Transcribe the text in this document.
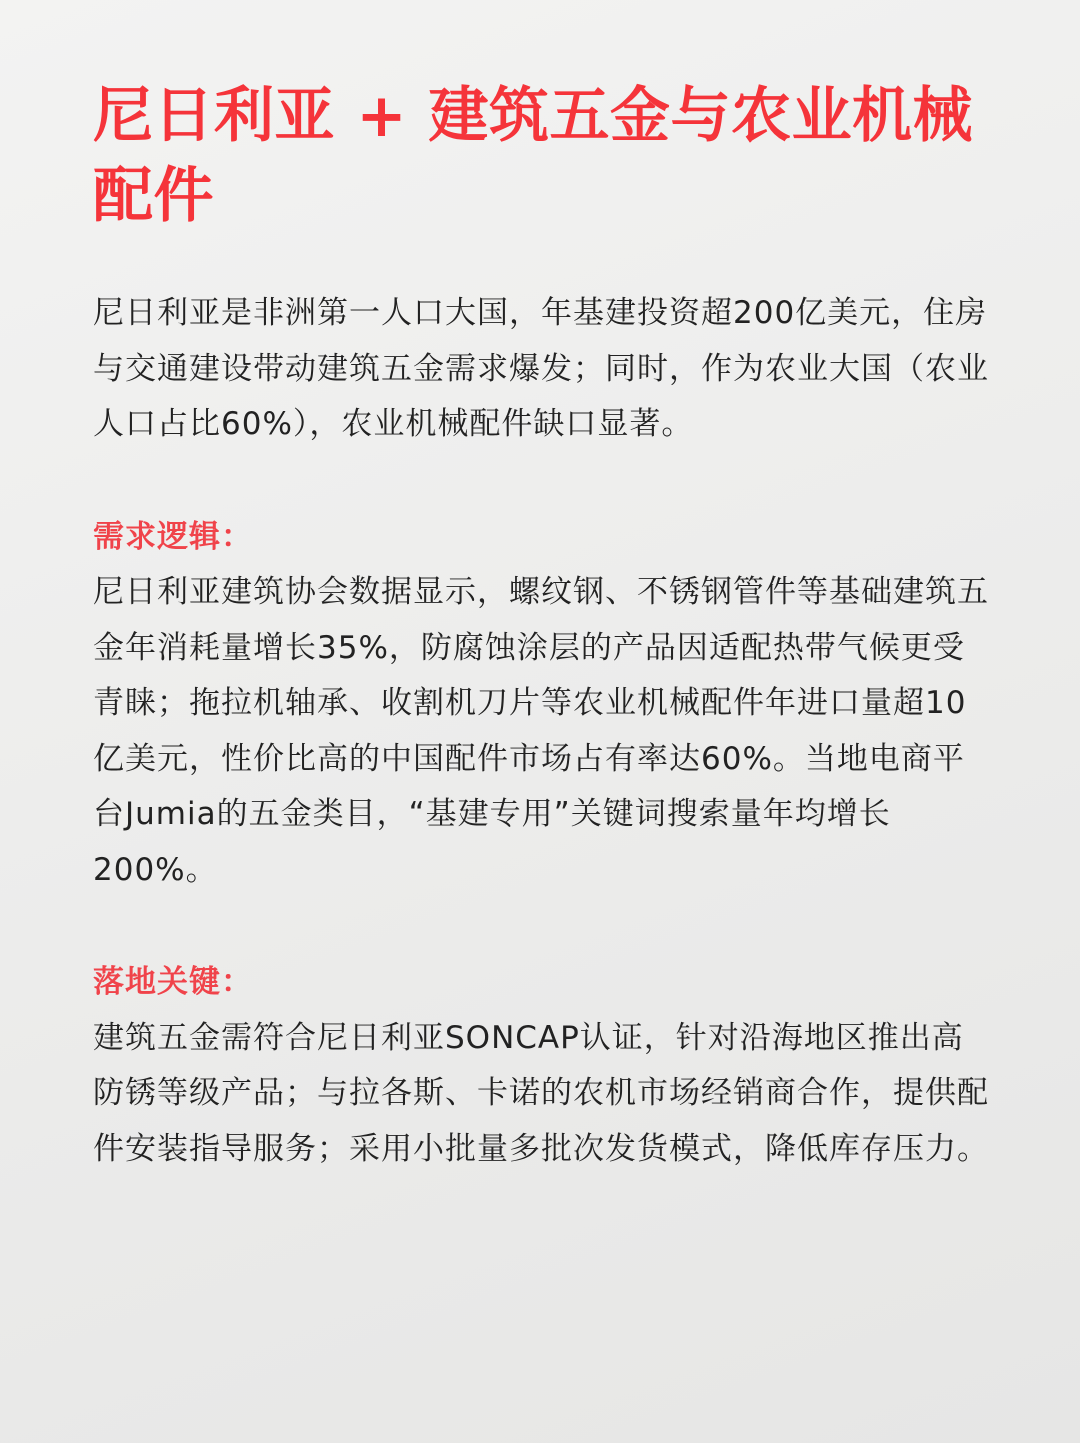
尼日利亚 + 建筑五金与农业机械配件

尼日利亚是非洲第一人口大国，年基建投资超200亿美元，住房与交通建设带动建筑五金需求爆发；同时，作为农业大国（农业人口占比60%），农业机械配件缺口显著。

需求逻辑：

尼日利亚建筑协会数据显示，螺纹钢、不锈钢管件等基础建筑五金年消耗量增长35%，防腐蚀涂层的产品因适配热带气候更受青睐；拖拉机轴承、收割机刀片等农业机械配件年进口量超10亿美元，性价比高的中国配件市场占有率达60%。当地电商平台Jumia的五金类目，“基建专用”关键词搜索量年均增长200%。

落地关键：

建筑五金需符合尼日利亚SONCAP认证，针对沿海地区推出高防锈等级产品；与拉各斯、卡诺的农机市场经销商合作，提供配件安装指导服务；采用小批量多批次发货模式，降低库存压力。
